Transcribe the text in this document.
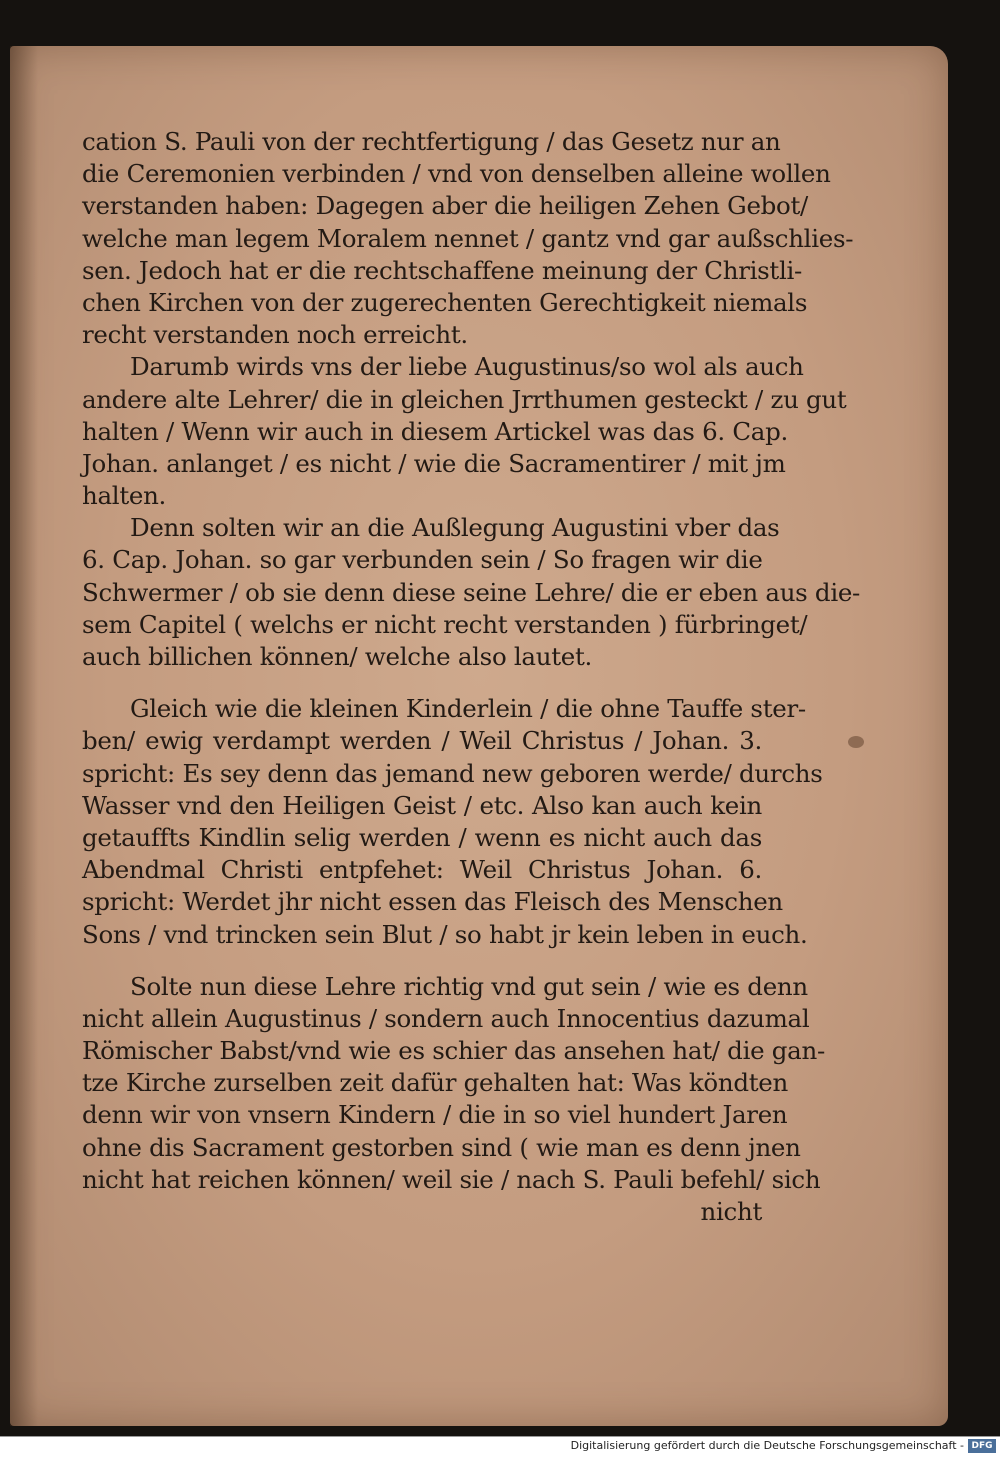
cation S. Pauli von der rechtfertigung / das Gesetz nur an
die Ceremonien verbinden / vnd von denselben alleine wollen
verstanden haben: Dagegen aber die heiligen Zehen Gebot/
welche man legem Moralem nennet / gantz vnd gar außschlies-
sen. Jedoch hat er die rechtschaffene meinung der Christli-
chen Kirchen von der zugerechenten Gerechtigkeit niemals
recht verstanden noch erreicht.
Darumb wirds vns der liebe Augustinus/so wol als auch
andere alte Lehrer/ die in gleichen Jrrthumen gesteckt / zu gut
halten / Wenn wir auch in diesem Artickel was das 6. Cap.
Johan. anlanget / es nicht / wie die Sacramentirer / mit jm
halten.
Denn solten wir an die Außlegung Augustini vber das
6. Cap. Johan. so gar verbunden sein / So fragen wir die
Schwermer / ob sie denn diese seine Lehre/ die er eben aus die-
sem Capitel ( welchs er nicht recht verstanden ) fürbringet/
auch billichen können/ welche also lautet.
Gleich wie die kleinen Kinderlein / die ohne Tauffe ster-
ben/ ewig verdampt werden / Weil Christus / Johan. 3.
spricht: Es sey denn das jemand new geboren werde/ durchs
Wasser vnd den Heiligen Geist / etc. Also kan auch kein
getauffts Kindlin selig werden / wenn es nicht auch das
Abendmal Christi entpfehet: Weil Christus Johan. 6.
spricht: Werdet jhr nicht essen das Fleisch des Menschen
Sons / vnd trincken sein Blut / so habt jr kein leben in euch.
Solte nun diese Lehre richtig vnd gut sein / wie es denn
nicht allein Augustinus / sondern auch Innocentius dazumal
Römischer Babst/vnd wie es schier das ansehen hat/ die gan-
tze Kirche zurselben zeit dafür gehalten hat: Was köndten
denn wir von vnsern Kindern / die in so viel hundert Jaren
ohne dis Sacrament gestorben sind ( wie man es denn jnen
nicht hat reichen können/ weil sie / nach S. Pauli befehl/ sich
nicht
Digitalisierung gefördert durch die Deutsche Forschungsgemeinschaft - DFG
